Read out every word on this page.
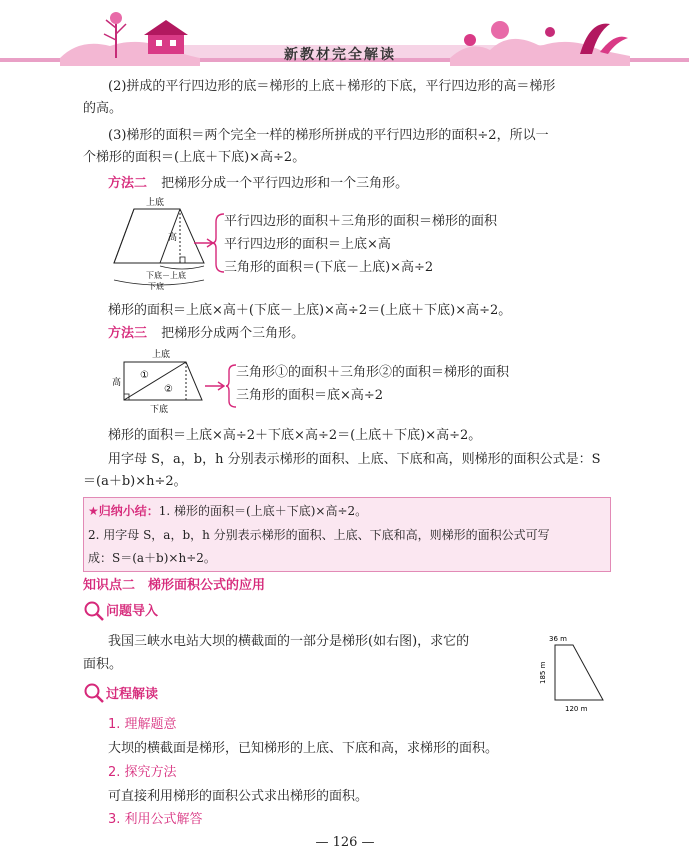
新教材完全解读
(2)拼成的平行四边形的底＝梯形的上底＋梯形的下底，平行四边形的高＝梯形
的高。
(3)梯形的面积＝两个完全一样的梯形所拼成的平行四边形的面积÷2，所以一
个梯形的面积＝(上底＋下底)×高÷2。
方法二 把梯形分成一个平行四边形和一个三角形。
上底
高
下底－上底
下底
平行四边形的面积＋三角形的面积＝梯形的面积
平行四边形的面积＝上底×高
三角形的面积＝(下底－上底)×高÷2
梯形的面积＝上底×高＋(下底－上底)×高÷2＝(上底＋下底)×高÷2。
方法三 把梯形分成两个三角形。
上底
高
①
②
下底
三角形①的面积＋三角形②的面积＝梯形的面积
三角形的面积＝底×高÷2
梯形的面积＝上底×高÷2＋下底×高÷2＝(上底＋下底)×高÷2。
用字母 S，a，b，h 分别表示梯形的面积、上底、下底和高，则梯形的面积公式是：S
＝(a＋b)×h÷2。
★归纳小结：1. 梯形的面积＝(上底＋下底)×高÷2。
2. 用字母 S，a，b，h 分别表示梯形的面积、上底、下底和高，则梯形的面积公式可写
成：S＝(a＋b)×h÷2。
知识点二　梯形面积公式的应用
问题导入
我国三峡水电站大坝的横截面的一部分是梯形(如右图)，求它的
面积。
36 m
185 m
120 m
过程解读
1. 理解题意
大坝的横截面是梯形，已知梯形的上底、下底和高，求梯形的面积。
2. 探究方法
可直接利用梯形的面积公式求出梯形的面积。
3. 利用公式解答
— 126 —
